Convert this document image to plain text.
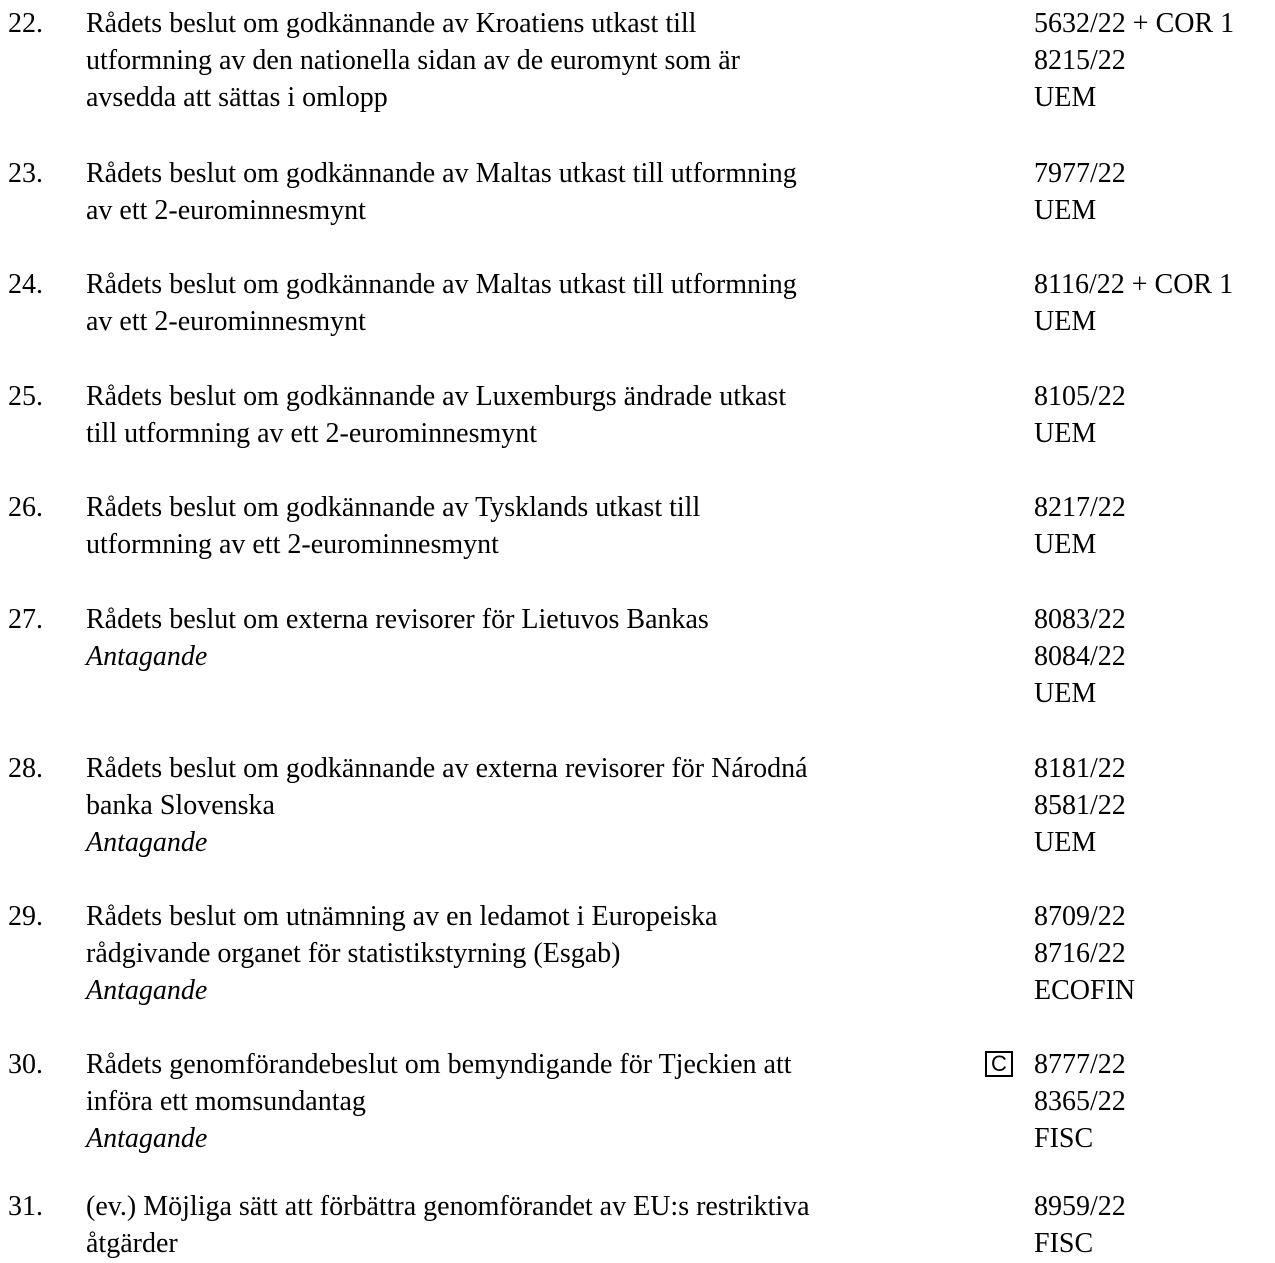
22. Rådets beslut om godkännande av Kroatiens utkast till
utformning av den nationella sidan av de euromynt som är
avsedda att sättas i omlopp
5632/22 + COR 1
8215/22
UEM
23. Rådets beslut om godkännande av Maltas utkast till utformning
av ett 2-eurominnesmynt
7977/22
UEM
24. Rådets beslut om godkännande av Maltas utkast till utformning
av ett 2-eurominnesmynt
8116/22 + COR 1
UEM
25. Rådets beslut om godkännande av Luxemburgs ändrade utkast
till utformning av ett 2-eurominnesmynt
8105/22
UEM
26. Rådets beslut om godkännande av Tysklands utkast till
utformning av ett 2-eurominnesmynt
8217/22
UEM
27. Rådets beslut om externa revisorer för Lietuvos Bankas
Antagande
8083/22
8084/22
UEM
28. Rådets beslut om godkännande av externa revisorer för Národná
banka Slovenska
Antagande
8181/22
8581/22
UEM
29. Rådets beslut om utnämning av en ledamot i Europeiska
rådgivande organet för statistikstyrning (Esgab)
Antagande
8709/22
8716/22
ECOFIN
30. Rådets genomförandebeslut om bemyndigande för Tjeckien att
införa ett momsundantag
Antagande
C 8777/22
8365/22
FISC
31. (ev.) Möjliga sätt att förbättra genomförandet av EU:s restriktiva
åtgärder
8959/22
FISC
